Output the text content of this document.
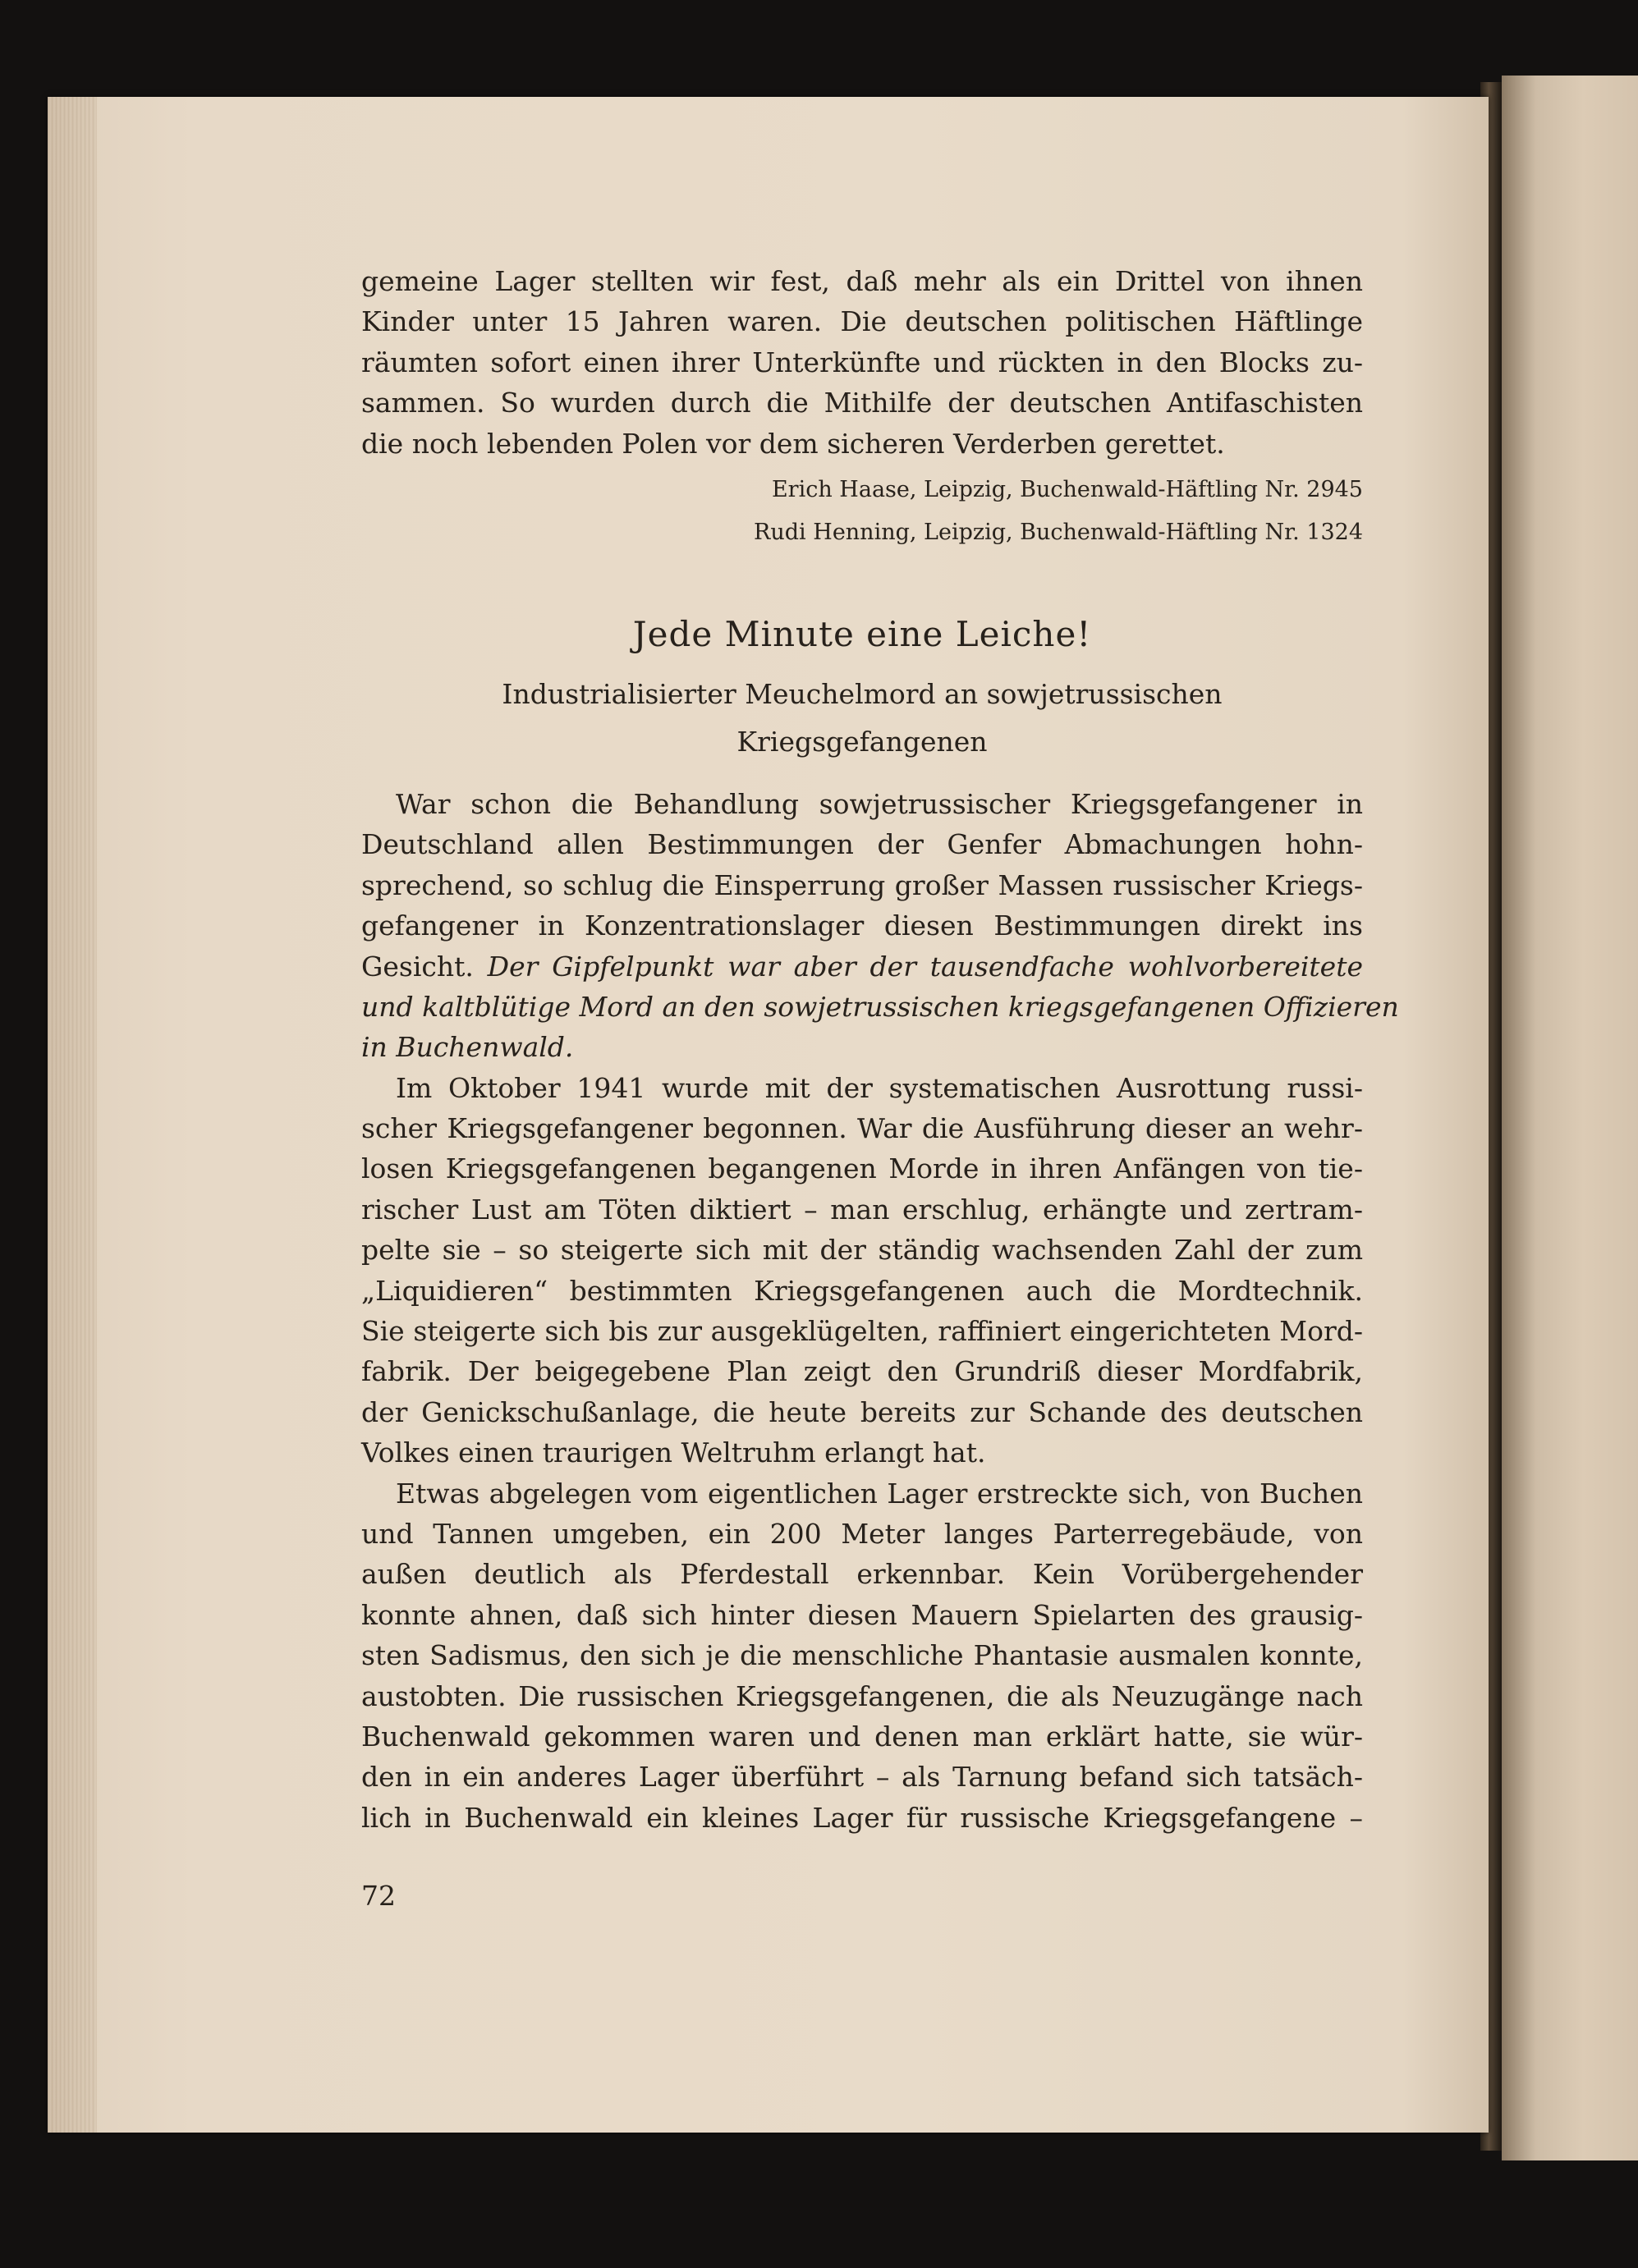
gemeine Lager stellten wir fest, daß mehr als ein Drittel von ihnen
Kinder unter 15 Jahren waren. Die deutschen politischen Häftlinge
räumten sofort einen ihrer Unterkünfte und rückten in den Blocks zu-
sammen. So wurden durch die Mithilfe der deutschen Antifaschisten
die noch lebenden Polen vor dem sicheren Verderben gerettet.
Erich Haase, Leipzig, Buchenwald-Häftling Nr. 2945
Rudi Henning, Leipzig, Buchenwald-Häftling Nr. 1324
Jede Minute eine Leiche!
Industrialisierter Meuchelmord an sowjetrussischen
Kriegsgefangenen
War schon die Behandlung sowjetrussischer Kriegsgefangener in
Deutschland allen Bestimmungen der Genfer Abmachungen hohn-
sprechend, so schlug die Einsperrung großer Massen russischer Kriegs-
gefangener in Konzentrationslager diesen Bestimmungen direkt ins
Gesicht. Der Gipfelpunkt war aber der tausendfache wohlvorbereitete
und kaltblütige Mord an den sowjetrussischen kriegsgefangenen Offizieren
in Buchenwald.
Im Oktober 1941 wurde mit der systematischen Ausrottung russi-
scher Kriegsgefangener begonnen. War die Ausführung dieser an wehr-
losen Kriegsgefangenen begangenen Morde in ihren Anfängen von tie-
rischer Lust am Töten diktiert – man erschlug, erhängte und zertram-
pelte sie – so steigerte sich mit der ständig wachsenden Zahl der zum
„Liquidieren“ bestimmten Kriegsgefangenen auch die Mordtechnik.
Sie steigerte sich bis zur ausgeklügelten, raffiniert eingerichteten Mord-
fabrik. Der beigegebene Plan zeigt den Grundriß dieser Mordfabrik,
der Genickschußanlage, die heute bereits zur Schande des deutschen
Volkes einen traurigen Weltruhm erlangt hat.
Etwas abgelegen vom eigentlichen Lager erstreckte sich, von Buchen
und Tannen umgeben, ein 200 Meter langes Parterregebäude, von
außen deutlich als Pferdestall erkennbar. Kein Vorübergehender
konnte ahnen, daß sich hinter diesen Mauern Spielarten des grausig-
sten Sadismus, den sich je die menschliche Phantasie ausmalen konnte,
austobten. Die russischen Kriegsgefangenen, die als Neuzugänge nach
Buchenwald gekommen waren und denen man erklärt hatte, sie wür-
den in ein anderes Lager überführt – als Tarnung befand sich tatsäch-
lich in Buchenwald ein kleines Lager für russische Kriegsgefangene –
72
